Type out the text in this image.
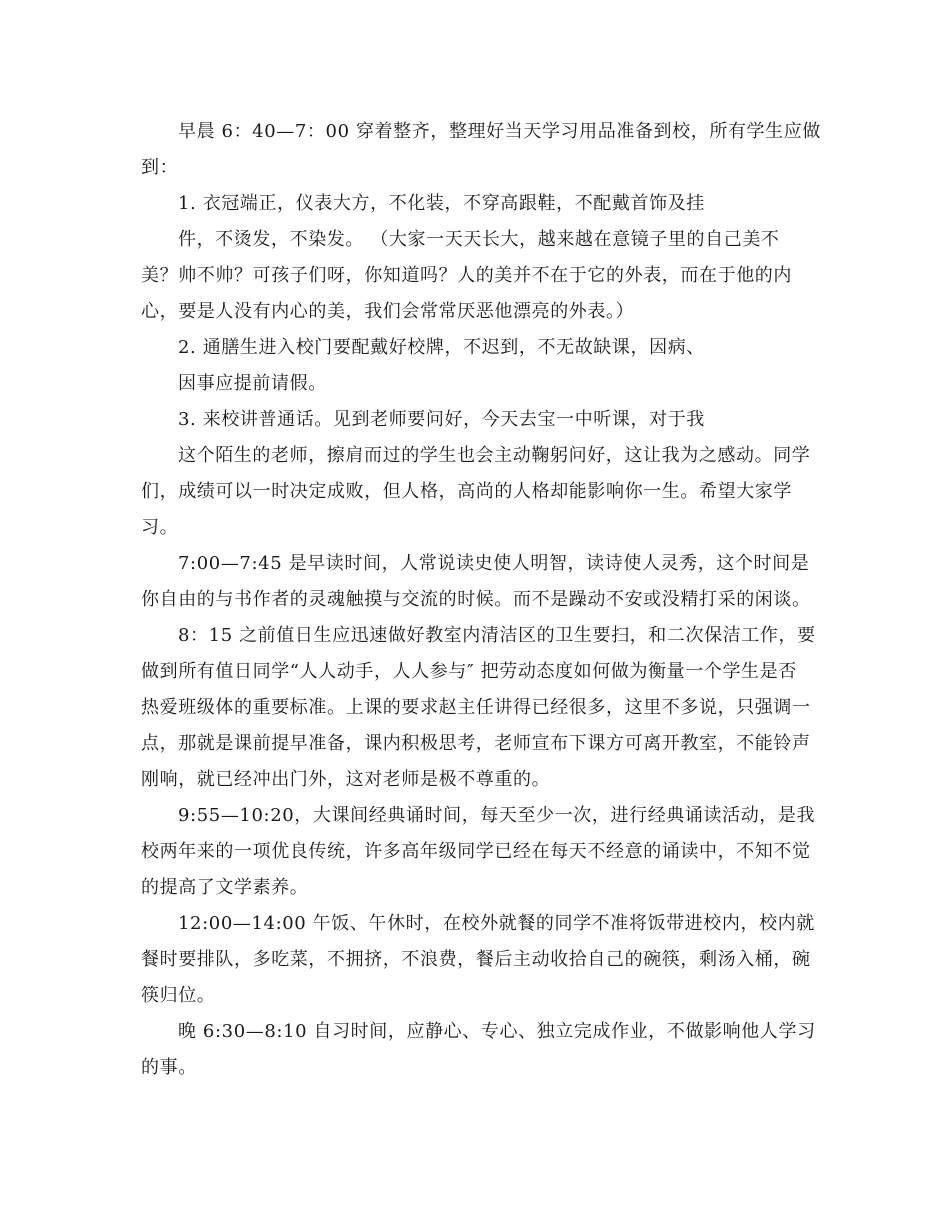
早晨 6：40—7：00 穿着整齐，整理好当天学习用品准备到校，所有学生应做
到：

1. 衣冠端正，仪表大方，不化装，不穿高跟鞋，不配戴首饰及挂

件，不烫发，不染发。 （大家一天天长大，越来越在意镜子里的自己美不
美？帅不帅？可孩子们呀，你知道吗？人的美并不在于它的外表，而在于他的内
心，要是人没有内心的美，我们会常常厌恶他漂亮的外表。）

2. 通膳生进入校门要配戴好校牌，不迟到，不无故缺课，因病、

因事应提前请假。

3. 来校讲普通话。见到老师要问好，今天去宝一中听课，对于我

这个陌生的老师，擦肩而过的学生也会主动鞠躬问好，这让我为之感动。同学
们，成绩可以一时决定成败，但人格，高尚的人格却能影响你一生。希望大家学
习。

7:00—7:45 是早读时间，人常说读史使人明智，读诗使人灵秀，这个时间是
你自由的与书作者的灵魂触摸与交流的时候。而不是躁动不安或没精打采的闲谈。

8：15 之前值日生应迅速做好教室内清洁区的卫生要扫，和二次保洁工作，要
做到所有值日同学“人人动手，人人参与″ 把劳动态度如何做为衡量一个学生是否
热爱班级体的重要标准。上课的要求赵主任讲得已经很多，这里不多说，只强调一
点，那就是课前提早准备，课内积极思考，老师宣布下课方可离开教室，不能铃声
刚响，就已经冲出门外，这对老师是极不尊重的。

9:55—10:20，大课间经典诵时间，每天至少一次，进行经典诵读活动，是我
校两年来的一项优良传统，许多高年级同学已经在每天不经意的诵读中，不知不觉
的提高了文学素养。

12:00—14:00 午饭、午休时，在校外就餐的同学不准将饭带进校内，校内就
餐时要排队，多吃菜，不拥挤，不浪费，餐后主动收拾自己的碗筷，剩汤入桶，碗
筷归位。

晚 6:30—8:10 自习时间，应静心、专心、独立完成作业，不做影响他人学习
的事。
